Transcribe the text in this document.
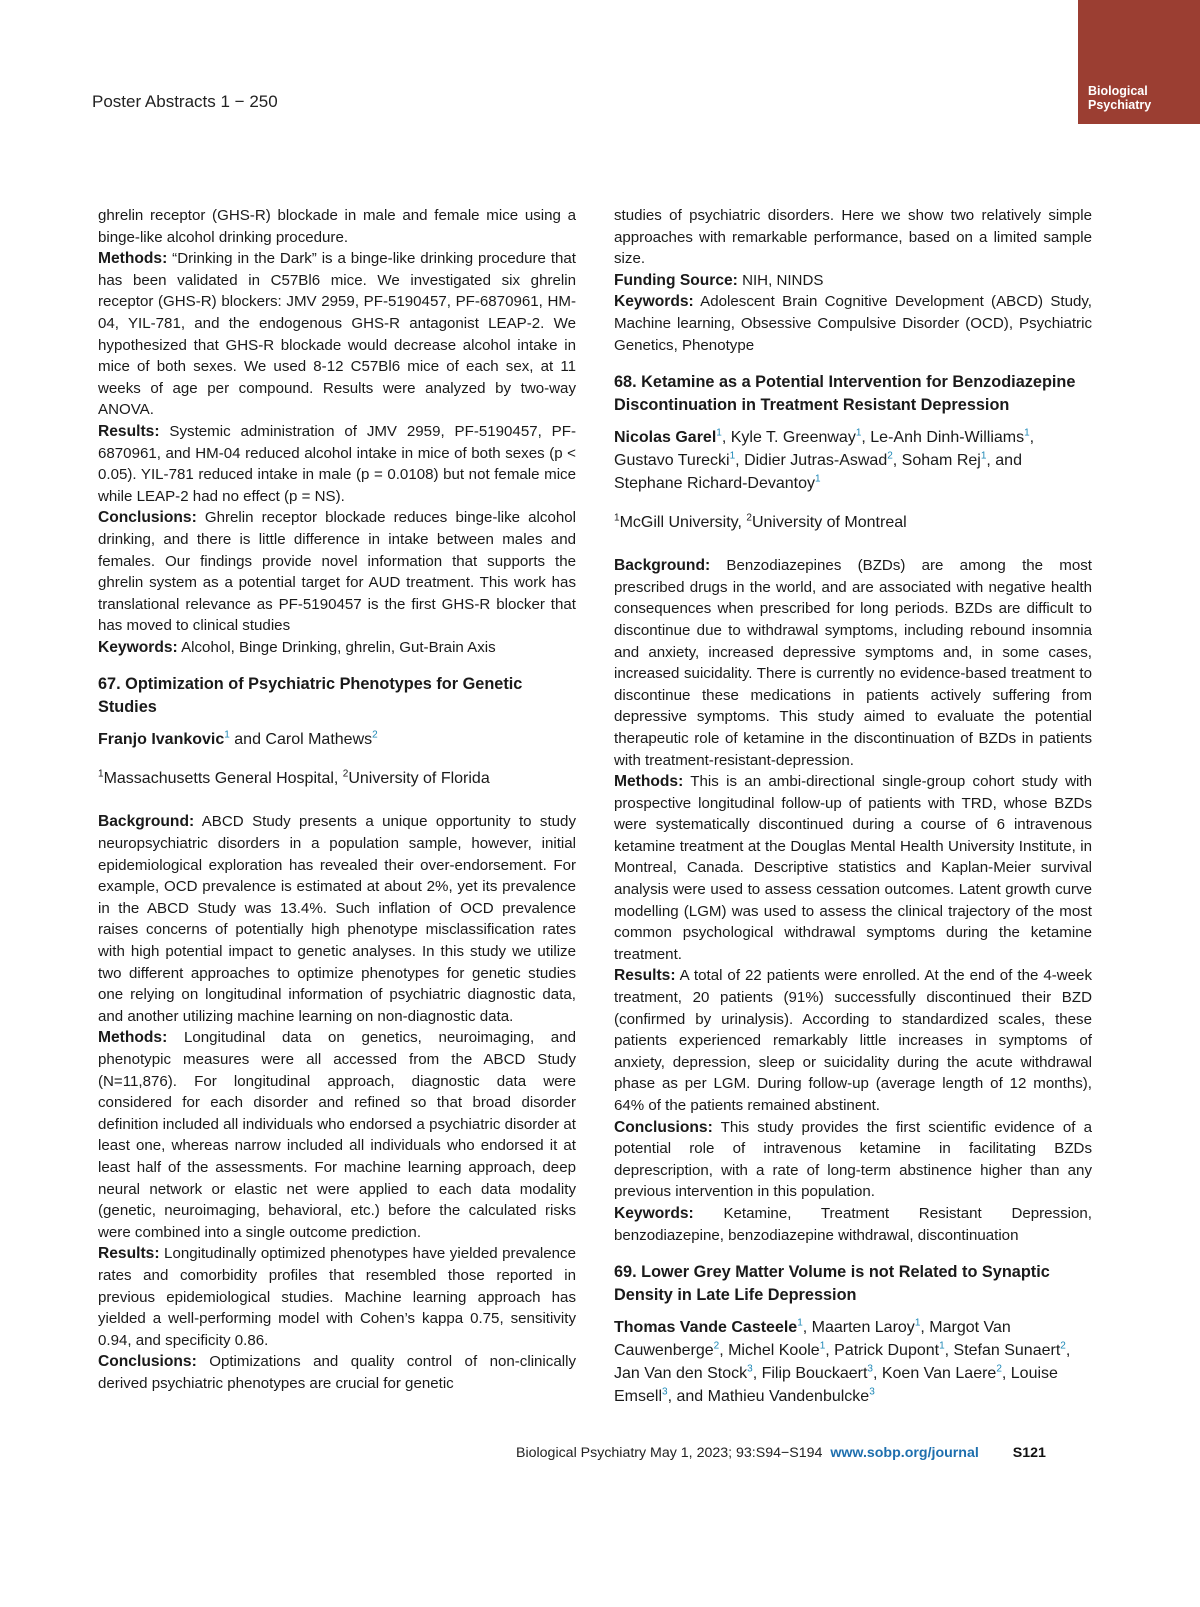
Poster Abstracts 1 − 250
Biological
Psychiatry

ghrelin receptor (GHS-R) blockade in male and female mice using a binge-like alcohol drinking procedure.

Methods: “Drinking in the Dark” is a binge-like drinking procedure that has been validated in C57Bl6 mice. We investigated six ghrelin receptor (GHS-R) blockers: JMV 2959, PF-5190457, PF-6870961, HM-04, YIL-781, and the endogenous GHS-R antagonist LEAP-2. We hypothesized that GHS-R blockade would decrease alcohol intake in mice of both sexes. We used 8-12 C57Bl6 mice of each sex, at 11 weeks of age per compound. Results were analyzed by two-way ANOVA.

Results: Systemic administration of JMV 2959, PF-5190457, PF-6870961, and HM-04 reduced alcohol intake in mice of both sexes (p < 0.05). YIL-781 reduced intake in male (p = 0.0108) but not female mice while LEAP-2 had no effect (p = NS).

Conclusions: Ghrelin receptor blockade reduces binge-like alcohol drinking, and there is little difference in intake between males and females. Our findings provide novel information that supports the ghrelin system as a potential target for AUD treatment. This work has translational relevance as PF-5190457 is the first GHS-R blocker that has moved to clinical studies

Keywords: Alcohol, Binge Drinking, ghrelin, Gut-Brain Axis

67. Optimization of Psychiatric Phenotypes for Genetic Studies
Franjo Ivankovic$^1$ and Carol Mathews$^2$
$^1$Massachusetts General Hospital, $^2$University of Florida

Background: ABCD Study presents a unique opportunity to study neuropsychiatric disorders in a population sample, however, initial epidemiological exploration has revealed their over-endorsement. For example, OCD prevalence is estimated at about 2%, yet its prevalence in the ABCD Study was 13.4%. Such inflation of OCD prevalence raises concerns of potentially high phenotype misclassification rates with high potential impact to genetic analyses. In this study we utilize two different approaches to optimize phenotypes for genetic studies one relying on longitudinal information of psychiatric diagnostic data, and another utilizing machine learning on non-diagnostic data.

Methods: Longitudinal data on genetics, neuroimaging, and phenotypic measures were all accessed from the ABCD Study (N=11,876). For longitudinal approach, diagnostic data were considered for each disorder and refined so that broad disorder definition included all individuals who endorsed a psychiatric disorder at least one, whereas narrow included all individuals who endorsed it at least half of the assessments. For machine learning approach, deep neural network or elastic net were applied to each data modality (genetic, neuroimaging, behavioral, etc.) before the calculated risks were combined into a single outcome prediction.

Results: Longitudinally optimized phenotypes have yielded prevalence rates and comorbidity profiles that resembled those reported in previous epidemiological studies. Machine learning approach has yielded a well-performing model with Cohen’s kappa 0.75, sensitivity 0.94, and specificity 0.86.

Conclusions: Optimizations and quality control of non-clinically derived psychiatric phenotypes are crucial for genetic

studies of psychiatric disorders. Here we show two relatively simple approaches with remarkable performance, based on a limited sample size.

Funding Source: NIH, NINDS

Keywords: Adolescent Brain Cognitive Development (ABCD) Study, Machine learning, Obsessive Compulsive Disorder (OCD), Psychiatric Genetics, Phenotype

68. Ketamine as a Potential Intervention for Benzodiazepine Discontinuation in Treatment Resistant Depression
Nicolas Garel$^1$, Kyle T. Greenway$^1$, Le-Anh Dinh-Williams$^1$, Gustavo Turecki$^1$, Didier Jutras-Aswad$^2$, Soham Rej$^1$, and Stephane Richard-Devantoy$^1$
$^1$McGill University, $^2$University of Montreal

Background: Benzodiazepines (BZDs) are among the most prescribed drugs in the world, and are associated with negative health consequences when prescribed for long periods. BZDs are difficult to discontinue due to withdrawal symptoms, including rebound insomnia and anxiety, increased depressive symptoms and, in some cases, increased suicidality. There is currently no evidence-based treatment to discontinue these medications in patients actively suffering from depressive symptoms. This study aimed to evaluate the potential therapeutic role of ketamine in the discontinuation of BZDs in patients with treatment-resistant-depression.

Methods: This is an ambi-directional single-group cohort study with prospective longitudinal follow-up of patients with TRD, whose BZDs were systematically discontinued during a course of 6 intravenous ketamine treatment at the Douglas Mental Health University Institute, in Montreal, Canada. Descriptive statistics and Kaplan-Meier survival analysis were used to assess cessation outcomes. Latent growth curve modelling (LGM) was used to assess the clinical trajectory of the most common psychological withdrawal symptoms during the ketamine treatment.

Results: A total of 22 patients were enrolled. At the end of the 4-week treatment, 20 patients (91%) successfully discontinued their BZD (confirmed by urinalysis). According to standardized scales, these patients experienced remarkably little increases in symptoms of anxiety, depression, sleep or suicidality during the acute withdrawal phase as per LGM. During follow-up (average length of 12 months), 64% of the patients remained abstinent.

Conclusions: This study provides the first scientific evidence of a potential role of intravenous ketamine in facilitating BZDs deprescription, with a rate of long-term abstinence higher than any previous intervention in this population.

Keywords: Ketamine, Treatment Resistant Depression, benzodiazepine, benzodiazepine withdrawal, discontinuation

69. Lower Grey Matter Volume is not Related to Synaptic Density in Late Life Depression
Thomas Vande Casteele$^1$, Maarten Laroy$^1$, Margot Van Cauwenberge$^2$, Michel Koole$^1$, Patrick Dupont$^1$, Stefan Sunaert$^2$, Jan Van den Stock$^3$, Filip Bouckaert$^3$, Koen Van Laere$^2$, Louise Emsell$^3$, and Mathieu Vandenbulcke$^3$
Biological Psychiatry May 1, 2023; 93:S94−S194 www.sobp.org/journal S121
